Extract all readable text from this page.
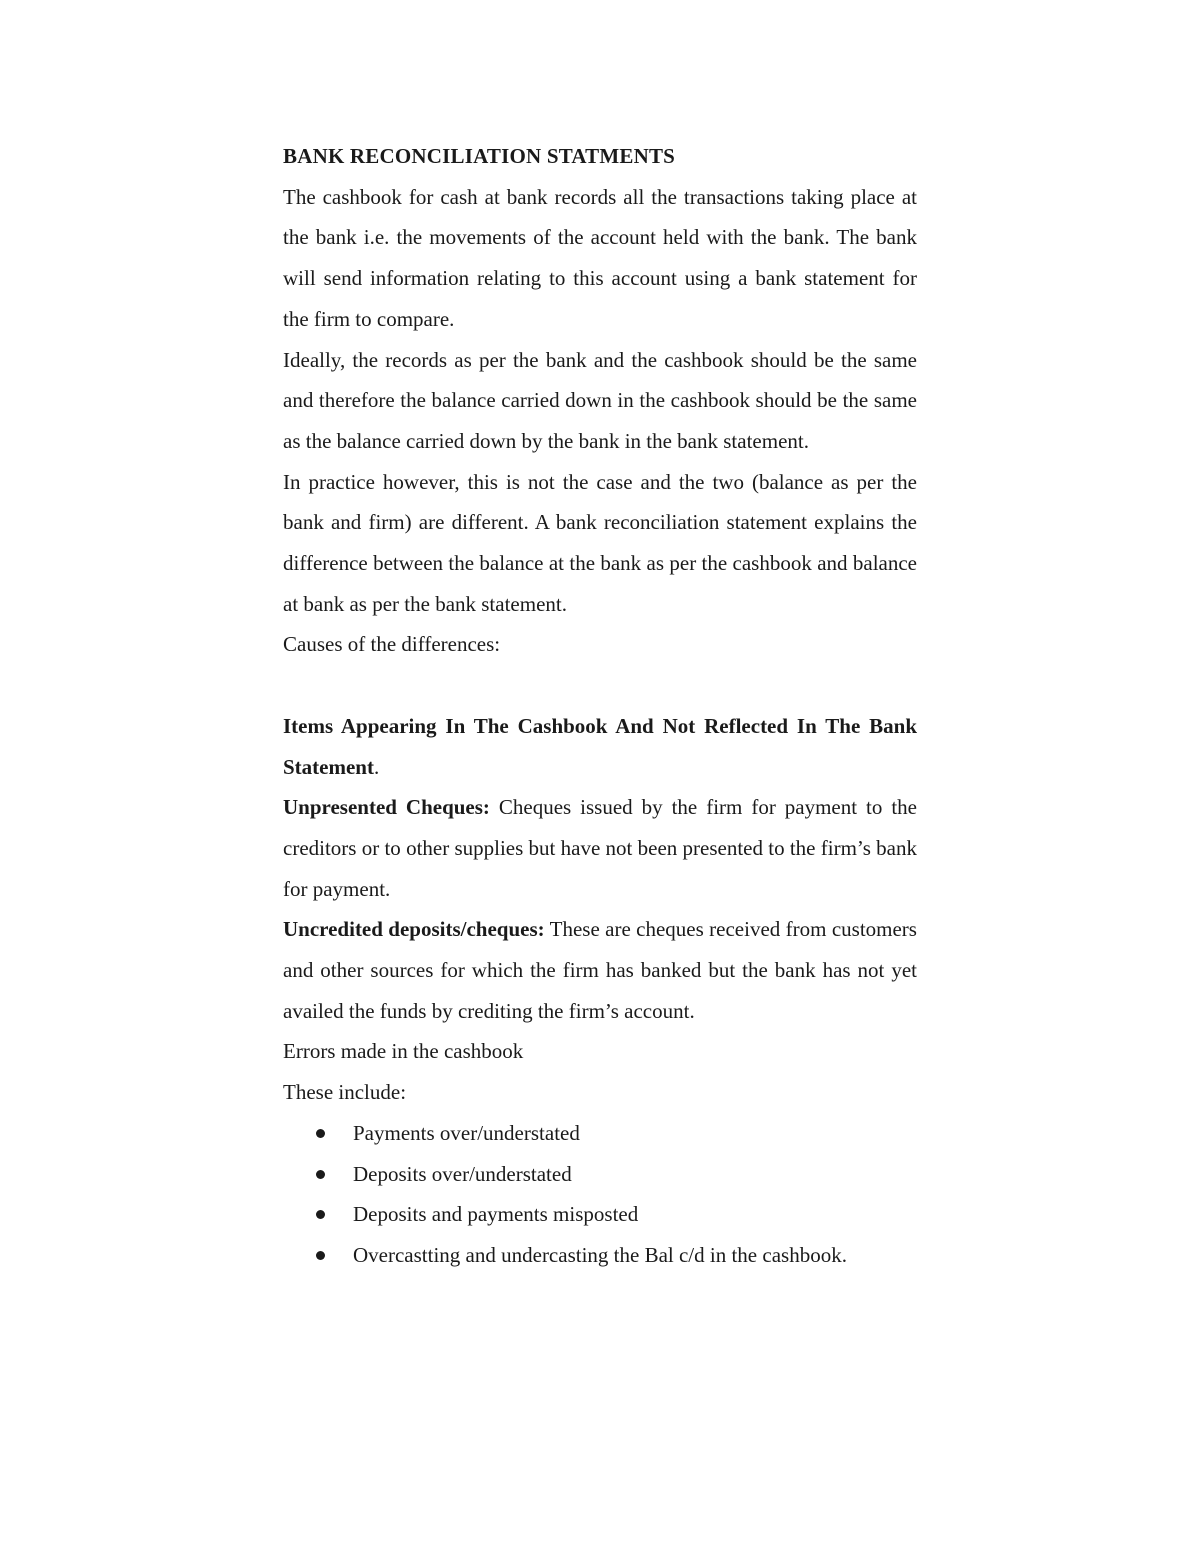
BANK RECONCILIATION STATMENTS

The cashbook for cash at bank records all the transactions taking place at the bank i.e. the movements of the account held with the bank. The bank will send information relating to this account using a bank statement for the firm to compare.

Ideally, the records as per the bank and the cashbook should be the same and therefore the balance carried down in the cashbook should be the same as the balance carried down by the bank in the bank statement.

In practice however, this is not the case and the two (balance as per the bank and firm) are different. A bank reconciliation statement explains the difference between the balance at the bank as per the cashbook and balance at bank as per the bank statement.

Causes of the differences:

Items Appearing In The Cashbook And Not Reflected In The Bank Statement.

Unpresented Cheques: Cheques issued by the firm for payment to the creditors or to other supplies but have not been presented to the firm’s bank for payment.

Uncredited deposits/cheques: These are cheques received from customers and other sources for which the firm has banked but the bank has not yet availed the funds by crediting the firm’s account.

Errors made in the cashbook

These include:

Payments over/understated
Deposits over/understated
Deposits and payments misposted
Overcastting and undercasting the Bal c/d in the cashbook.
